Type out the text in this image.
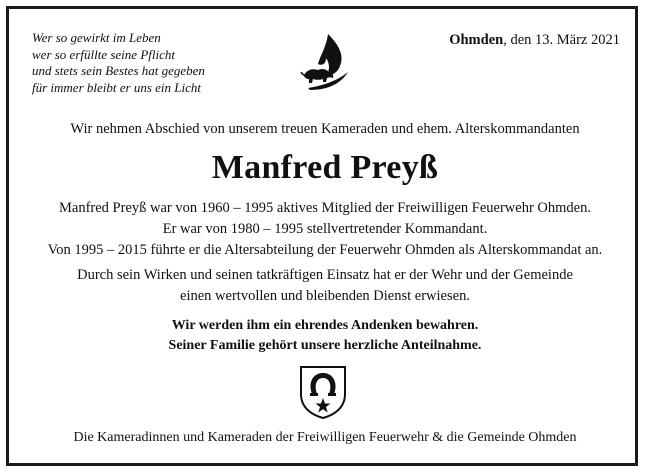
Wer so gewirkt im Leben
wer so erfüllte seine Pflicht
und stets sein Bestes hat gegeben
für immer bleibt er uns ein Licht
Ohmden, den 13. März 2021
Wir nehmen Abschied von unserem treuen Kameraden und ehem. Alterskommandanten
Manfred Preyß
Manfred Preyß war von 1960 – 1995 aktives Mitglied der Freiwilligen Feuerwehr Ohmden.
Er war von 1980 – 1995 stellvertretender Kommandant.
Von 1995 – 2015 führte er die Altersabteilung der Feuerwehr Ohmden als Alterskommandat an.
Durch sein Wirken und seinen tatkräftigen Einsatz hat er der Wehr und der Gemeinde
einen wertvollen und bleibenden Dienst erwiesen.
Wir werden ihm ein ehrendes Andenken bewahren.
Seiner Familie gehört unsere herzliche Anteilnahme.
Die Kameradinnen und Kameraden der Freiwilligen Feuerwehr & die Gemeinde Ohmden
